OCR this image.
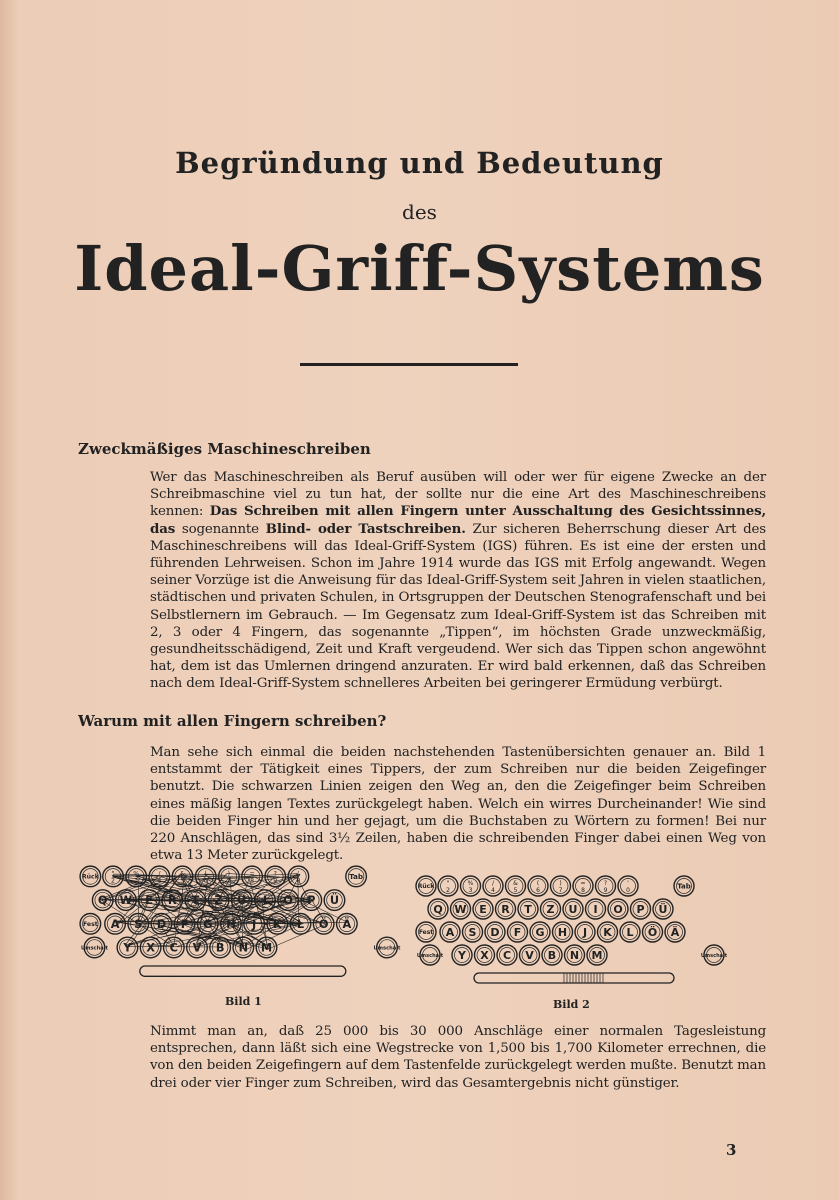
Begründung und Bedeutung
des
Ideal-Griff-Systems
Zweckmäßiges Maschineschreiben
Wer das Maschineschreiben als Beruf ausüben will oder wer für eigene Zwecke an der Schreibmaschine viel zu tun hat, der sollte nur die eine Art des Maschineschreibens kennen: Das Schreiben mit allen Fingern unter Ausschaltung des Gesichtssinnes, das sogenannte Blind- oder Tastschreiben. Zur sicheren Beherrschung dieser Art des Maschineschreibens will das Ideal-Griff-System (IGS) führen. Es ist eine der ersten und führenden Lehrweisen. Schon im Jahre 1914 wurde das IGS mit Erfolg angewandt. Wegen seiner Vorzüge ist die Anweisung für das Ideal-Griff-System seit Jahren in vielen staatlichen, städtischen und privaten Schulen, in Ortsgruppen der Deutschen Stenografenschaft und bei Selbstlernern im Gebrauch. — Im Gegensatz zum Ideal-Griff-System ist das Schreiben mit 2, 3 oder 4 Fingern, das sogenannte „Tippen“, im höchsten Grade unzweckmäßig, gesundheitsschädigend, Zeit und Kraft vergeudend. Wer sich das Tippen schon angewöhnt hat, dem ist das Umlernen dringend anzuraten. Er wird bald erkennen, daß das Schreiben nach dem Ideal-Griff-System schnelleres Arbeiten bei geringerer Ermüdung verbürgt.
Warum mit allen Fingern schreiben?
Man sehe sich einmal die beiden nachstehenden Tastenübersichten genauer an. Bild 1 entstammt der Tätigkeit eines Tippers, der zum Schreiben nur die beiden Zeigefinger benutzt. Die schwarzen Linien zeigen den Weg an, den die Zeigefinger beim Schreiben eines mäßig langen Textes zurückgelegt haben. Welch ein wirres Durcheinander! Wie sind die beiden Finger hin und her gejagt, um die Buchstaben zu Wörtern zu formen! Bei nur 220 Anschlägen, das sind 3½ Zeilen, haben die schreibenden Finger dabei einen Weg von etwa 13 Meter zurückgelegt.
Rück "
2
%
3
/
4
&
5
(
6
)
7
=
8
?
9
'
0
Tab
Q W E R T Z U I O P Ü
Fest A S D F G H J K L Ö Ä
Umschalt Y X C V B N M	Umschalt
Rück "
2
%
3
/
4
&
5
(
6
)
7
=
8
?
9
'
0	Tab
Q W E R T Z U I O P Ü
Fest A S D F G H J K L Ö Ä
Umschalt Y X C V B N M	Umschalt
Bild 1	Bild 2
Nimmt man an, daß 25 000 bis 30 000 Anschläge einer normalen Tagesleistung entsprechen, dann läßt sich eine Wegstrecke von 1,500 bis 1,700 Kilometer errechnen, die von den beiden Zeigefingern auf dem Tastenfelde zurückgelegt werden mußte. Benutzt man drei oder vier Finger zum Schreiben, wird das Gesamtergebnis nicht günstiger.
3
